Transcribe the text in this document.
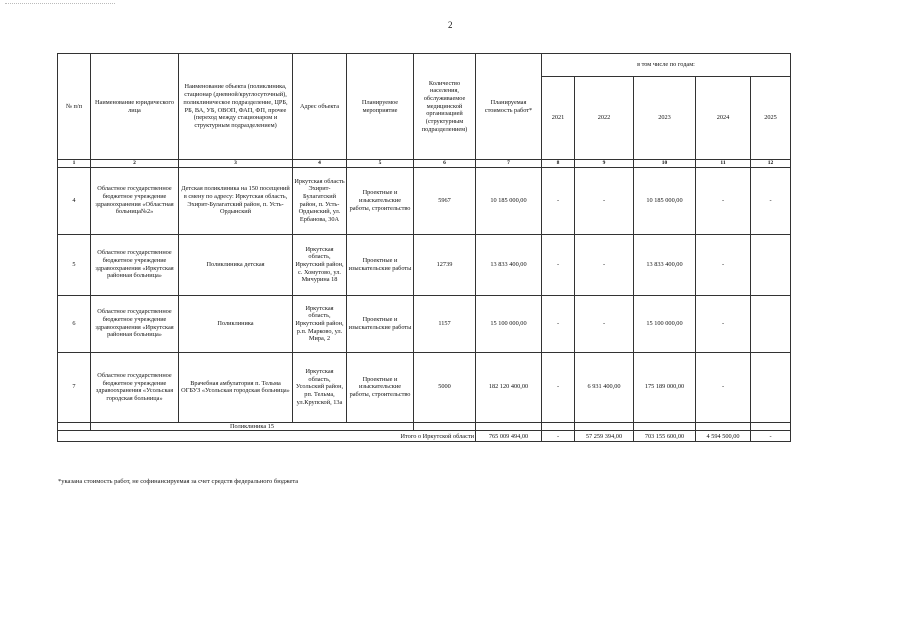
2
№ п/п	Наименование юридического лица	Наименование объекта (поликлиника, стационар (дневной/круглосуточный), поликлиническое подразделение, ЦРБ, РБ, ВА, УБ, ОВОП, ФАП, ФП, прочее (переход между стационаром и структурным подразделением)	Адрес объекта	Планируемое мероприятие	Количество населения, обслуживаемое медицинской организацией (структурным подразделением)	Планируемая стоимость работ*	в том числе по годам:				
							2021	2022	2023	2024	2025
1	2	3	4	5	6	7	8	9	10	11	12
4	Областное государственное бюджетное учреждение здравоохранения «Областная больница№2»	Детская поликлиника на 150 посещений в смену по адресу: Иркутская область, Эхирит-Булагатский район, п. Усть-Ордынский	Иркутская область Эхирит-Булагатский район, п. Усть-Ордынский, ул. Ербанова, 30А	Проектные и изыскательские работы, строительство	5967	10 185 000,00	-	-	10 185 000,00	-	-
5	Областное государственное бюджетное учреждение здравоохранения «Иркутская районная больница»	Поликлиника детская	Иркутская область, Иркутский район, с. Хомутово, ул. Мичурина 18	Проектные и изыскательские работы	12739	13 833 400,00	-	-	13 833 400,00	-	
6	Областное государственное бюджетное учреждение здравоохранения «Иркутская районная больница»	Поликлиника	Иркутская область, Иркутский район, р.п. Марково, ул. Мира, 2	Проектные и изыскательские работы	1157	15 100 000,00	-	-	15 100 000,00	-	
7	Областное государственное бюджетное учреждение здравоохранения «Усольская городская больница»	Врачебная амбулатория п. Тельма ОГБУЗ «Усольская городская больница»	Иркутская область, Усольский район, рп. Тельма, ул.Крупской, 13а	Проектные и изыскательские работы, строительство	5000	182 120 400,00	-	6 931 400,00	175 189 000,00	-	
	Поликлиника 15										
Итого о Иркутской области						765 009 494,00	-	57 259 394,00	703 155 600,00	4 594 500,00	-
*указана стоимость работ, не софинансируемая за счет средств федерального бюджета
